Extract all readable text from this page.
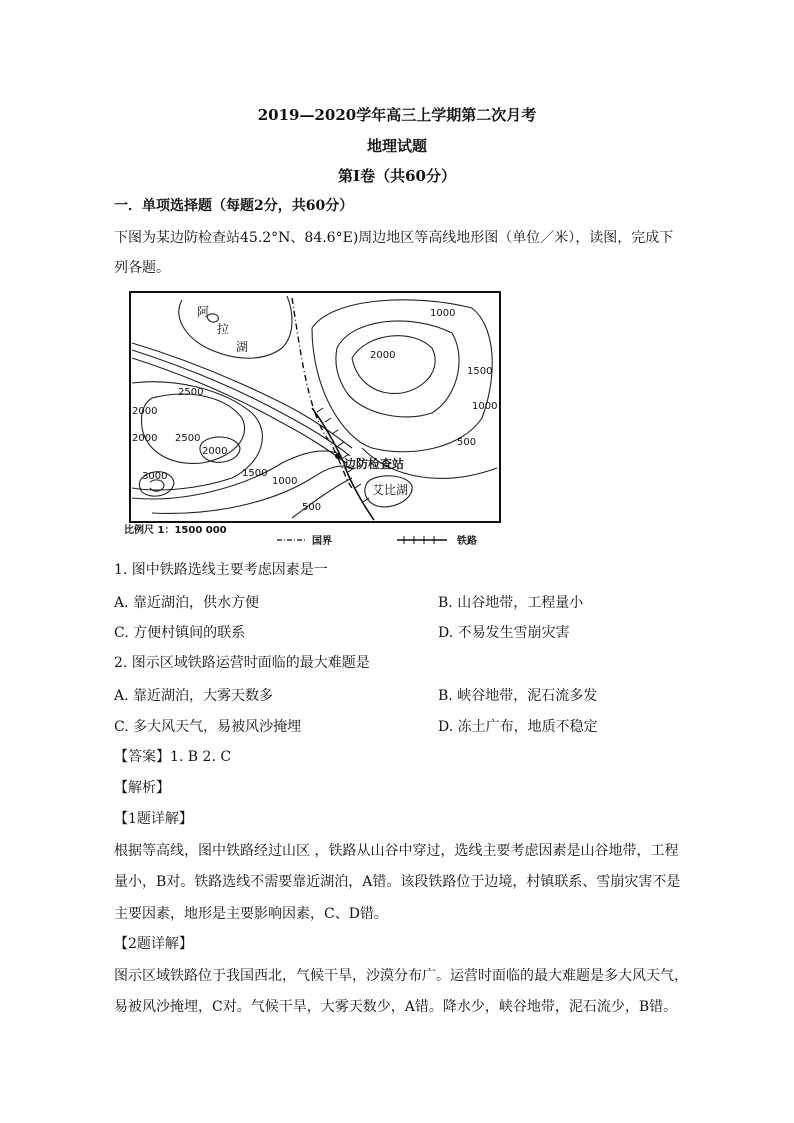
2019—2020学年高三上学期第二次月考
地理试题
第Ⅰ卷（共60分）
一．单项选择题（每题2分，共60分）
下图为某边防检查站45.2°N、84.6°E)周边地区等高线地形图（单位／米），读图，完成下
列各题。
阿
拉
湖
艾比湖
边防检查站
1000
2000
1500
1000
500
2500
2000
2000 2500
2000
3000	1500
1000
500
比例尺 1：1500 000
国界	铁路
1. 图中铁路选线主要考虑因素是一
A. 靠近湖泊，供水方便	B. 山谷地带，工程量小
C. 方便村镇间的联系	D. 不易发生雪崩灾害
2. 图示区域铁路运营时面临的最大难题是
A. 靠近湖泊，大雾天数多	B. 峡谷地带，泥石流多发
C. 多大风天气，易被风沙掩埋	D. 冻土广布，地质不稳定
【答案】1. B 2. C
【解析】
【1题详解】
根据等高线，图中铁路经过山区 ，铁路从山谷中穿过，选线主要考虑因素是山谷地带，工程
量小，B对。铁路选线不需要靠近湖泊，A错。该段铁路位于边境，村镇联系、雪崩灾害不是
主要因素，地形是主要影响因素，C、D错。
【2题详解】
图示区域铁路位于我国西北，气候干旱，沙漠分布广。运营时面临的最大难题是多大风天气，
易被风沙掩埋，C对。气候干旱，大雾天数少，A错。降水少，峡谷地带，泥石流少，B错。
